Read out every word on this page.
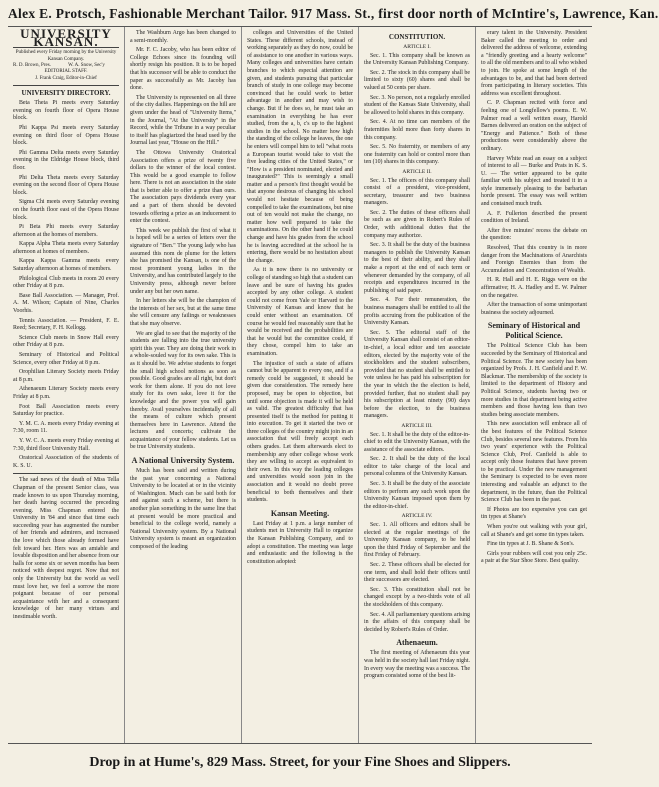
Alex E. Protsch, Fashionable Merchant Tailor. 917 Mass. St., first door north of McIntire's, Lawrence, Kan.
UNIVERSITY KANSAN.
Published every Friday morning by the University Kansan Company.
R. D. Brown, Pres.	W. A. Snow, Sec'y
EDITORIAL STAFF.
J. Frank Craig, Editor-in-Chief
UNIVERSITY DIRECTORY.

Beta Theta Pi meets every Saturday evening on fourth floor of Opera House block.

Phi Kappa Psi meets every Saturday evening on third floor of Opera House block.

Phi Gamma Delta meets every Saturday evening in the Eldridge House block, third floor.

Phi Delta Theta meets every Saturday evening on the second floor of Opera House block.

Sigma Chi meets every Saturday evening on the fourth floor east of the Opera House block.

Pi Beta Phi meets every Saturday afternoon at the homes of members.

Kappa Alpha Theta meets every Saturday afternoon at homes of members.

Kappa Kappa Gamma meets every Saturday afternoon at homes of members.

Philological Club meets in room 20 every other Friday at 8 p.m.

Base Ball Association. — Manager, Prof. A. M. Wilson; Captain of Nine, Charles Voorhis.

Tennis Association. — President, F. E. Reed; Secretary, F. H. Kellogg.

Science Club meets in Snow Hall every other Friday at 8 p.m.

Seminary of Historical and Political Science, every other Friday at 8 p.m.

Orophilian Literary Society meets Friday at 8 p.m.

Athenaeum Literary Society meets every Friday at 8 p.m.

Foot Ball Association meets every Saturday for practice.

Y. M. C. A. meets every Friday evening at 7:30, room 11.

Y. W. C. A. meets every Friday evening at 7:30, third floor University Hall.

Oratorical Association of the students of K. S. U.

The sad news of the death of Miss Tella Chapman of the present Senior class, was made known to us upon Thursday morning, her death having occurred the preceding evening. Miss Chapman entered the University in '84 and since that time each succeeding year has augmented the number of her friends and admirers, and increased the love which those already formed have felt toward her. Hers was an amiable and lovable disposition and her absence from our halls for some six or seven months has been noticed with deepest regret. Now that not only the University but the world as well must love her, we feel a sorrow the more poignant because of our personal acquaintance with her and a consequent knowledge of her many virtues and inestimable worth.

The Washburn Argo has been changed to a semi-monthly.

Mr. F. C. Jacoby, who has been editor of College Echoes since its founding will shortly resign his position. It is to be hoped that his successor will be able to conduct the paper as successfully as Mr. Jacoby has done.

The University is represented on all three of the city dailies. Happenings on the hill are given under the head of "University Items," in the Journal, "At the University" in the Record, while the Tribune in a way peculiar to itself has plagiarized the head used by the Journal last year, "House on the Hill."

The Ottowa University Oratorical Association offers a prize of twenty five dollars to the winner of the local contest. This would be a good example to follow here. There is not an association in the state that is better able to offer a prize than ours. The association pays dividends every year and a part of them should be devoted towards offering a prize as an inducement to enter the contest.

This week we publish the first of what it is hoped will be a series of letters over the signature of "Ben." The young lady who has assumed this nom de plume for the letters she has promised the Kansan, is one of the most prominent young ladies in the University, and has contributed largely to the University press, although never before under any but her own name.

In her letters she will be the champion of the interests of her sex, but at the same time she will censure any failings or weaknesses that she may observe.

We are glad to see that the majority of the students are falling into the true university spirit this year. They are doing their work in a whole-souled way for its own sake. This is as it should be. We advise students to forget the small high school notions as soon as possible. Good grades are all right, but don't work for them alone. If you do not love study for its own sake, love it for the knowledge and the power you will gain thereby. Avail yourselves incidentally of all the means of culture which present themselves here in Lawrence. Attend the lectures and concerts; cultivate the acquaintance of your fellow students. Let us be true University students.

A National University System.

Much has been said and written during the past year concerning a National University to be located at or in the vicinity of Washington. Much can be said both for and against such a scheme, but there is another plan something in the same line that at present would be more practical and beneficial to the college world, namely a National University system. By a National University system is meant an organization composed of the leading

colleges and Universities of the United States. These different schools, instead of working separately as they do now, could be of assistance to one another in various ways. Many colleges and universities have certain branches to which especial attention are given, and students pursuing that particular branch of study in one college may become convinced that he could work to better advantage in another and may wish to change. But if he does so, he must take an examination in everything he has ever studied, from the a, b, c's up to the highest studies in the school. No matter how high the standing of the college he leaves, the one he enters will compel him to tell "what roots a European tourist would take to visit the five leading cities of the United States," or "How is a president nominated, elected and inaugurated?" This is seemingly a small matter and a person's first thought would be that anyone desirous of changing his school would not hesitate because of being compelled to take the examinations, but nine out of ten would not make the change, no matter how well prepared to take the examinations. On the other hand if he could change and have his grades from the school he is leaving accredited at the school he is entering, there would be no hesitation about the change.

As it is now there is no university or college of standing so high that a student can leave and be sure of having his grades accepted by any other college. A student could not come from Yale or Harvard to the University of Kansas and know that he could enter without an examination. Of course he would feel reasonably sure that he would be received and the probabilities are that he would but the committee could, if they chose, compel him to take an examination.

The injustice of such a state of affairs cannot but be apparent to every one, and if a remedy could be suggested, it should be given due consideration. The remedy here proposed, may be open to objection, but until some objection is made it will be held as valid. The greatest difficulty that has presented itself is the method for putting it into execution. To get it started the two or three colleges of the country might join in an association that will freely accept each others grades. Let them afterwards elect to membership any other college whose work they are willing to accept as equivalent to their own. In this way the leading colleges and universities would soon join in the association and it would no doubt prove beneficial to both themselves and their students.

Kansan Meeting.

Last Friday at 1 p.m. a large number of students met in University Hall to organize the Kansan Publishing Company, and to adopt a constitution. The meeting was large and enthusiastic and the following is the constitution adopted:

CONSTITUTION.
ARTICLE I.

Sec. 1. This company shall be known as the University Kansan Publishing Company.

Sec. 2. The stock in this company shall be limited to sixty (60) shares and shall be valued at 50 cents per share.

Sec. 3. No person, not a regularly enrolled student of the Kansas State University, shall be allowed to hold shares in this company.

Sec. 4. At no time can members of the fraternities hold more than forty shares in this company.

Sec. 5. No fraternity, or members of any one fraternity can hold or control more than ten (10) shares in this company.

ARTICLE II.

Sec. 1. The officers of this company shall consist of a president, vice-president, secretary, treasurer and two business managers.

Sec. 2. The duties of these officers shall be such as are given in Robert's Rules of Order, with additional duties that the company may authorize.

Sec. 3. It shall be the duty of the business managers to publish the University Kansan to the best of their ability, and they shall make a report at the end of each term or whenever demanded by the company, of all receipts and expenditures incurred in the publishing of said paper.

Sec. 4. For their remuneration, the business managers shall be entitled to all the profits accruing from the publication of the University Kansan.

Sec. 5. The editorial staff of the University Kansan shall consist of an editor-in-chief, a local editor and ten associate editors, elected by the majority vote of the stockholders and the student subscribers, provided that no student shall be entitled to vote unless he has paid his subscription for the year in which the the election is held, provided further, that no student shall pay his subscription at least ninety (90) days before the election, to the business managers.

ARTICLE III.

Sec. 1. It shall be the duty of the editor-in-chief to edit the University Kansan, with the assistance of the associate editors.

Sec. 2. It shall be the duty of the local editor to take charge of the local and personal columns of the University Kansan.

Sec. 3. It shall be the duty of the associate editors to perform any such work upon the University Kansan imposed upon them by the editor-in-chief.

ARTICLE IV.

Sec. 1. All officers and editors shall be elected at the regular meetings of the University Kansan company, to be held upon the third Friday of September and the first Friday of February.

Sec. 2. These officers shall be elected for one term, and shall hold their offices until their successors are elected.

Sec. 3. This constitution shall not be changed except by a two-thirds vote of all the stockholders of this company.

Sec. 4. All parliamentary questions arising in the affairs of this company shall be decided by Robert's Rules of Order.

Athenaeum.

The first meeting of Athenaeum this year was held in the society hall last Friday night. In every way the meeting was a success. The program consisted some of the best lit-

erary talent in the University. President Baker called the meeting to order and delivered the address of welcome, extending a "friendly greeting and a hearty welcome" to all the old members and to all who wished to join. He spoke at some length of the advantages to be, and that had been derived from participating in literary societies. This address was excellent throughout.

C. P. Chapman recited with force and feeling one of Longfellow's poems. E. W. Palmer read a well written essay, Harold Barnes delivered an oration on the subject of "Energy and Patience." Both of these productions were considerably above the ordinary.

Harvey White read an essay on a subject of interest to all — Burke and Prats in K. S. U. — The writer appeared to be quite familiar with his subject and treated it in a style immensely pleasing to the barbarian horde present. The essay was well written and contained much truth.

A. F. Fullerton described the present condition of Ireland.

After five minutes' recess the debate on the question:

Resolved, That this country is in more danger from the Machinations of Anarchists and Foreign Enemies than from the Accumulation and Concentration of Wealth.

H. R. Hall and H. E. Riggs were on the affirmative; H. A. Hadley and E. W. Palmer on the negative.

After the transaction of some unimportant business the society adjourned.

Seminary of Historical and Political Science.

The Political Science Club has been succeeded by the Seminary of Historical and Political Science. The new society has been organized by Profs. J. H. Canfield and F. W. Blackmar. The membership of the society is limited to the department of History and Political Science, students having two or more studies in that department being active members and those having less than two studies being associate members.

This new association will embrace all of the best features of the Political Science Club, besides several new features. From his two years' experience with the Political Science Club, Prof. Canfield is able to accept only those features that have proven to be practical. Under the new management the Seminary is expected to be even more interesting and valuable an adjunct to the department, in the future, than the Political Science Club has been in the past.

If Photos are too expensive you can get tin types at Shane's

When you're out walking with your girl, call at Shane's and get some tin types taken.

Fine tin types at J. B. Shane & Son's.

Girls your rubbers will cost you only 25c. a pair at the Star Shoe Store. Best quality.

Drop in at Hume's, 829 Mass. Street, for your Fine Shoes and Slippers.
